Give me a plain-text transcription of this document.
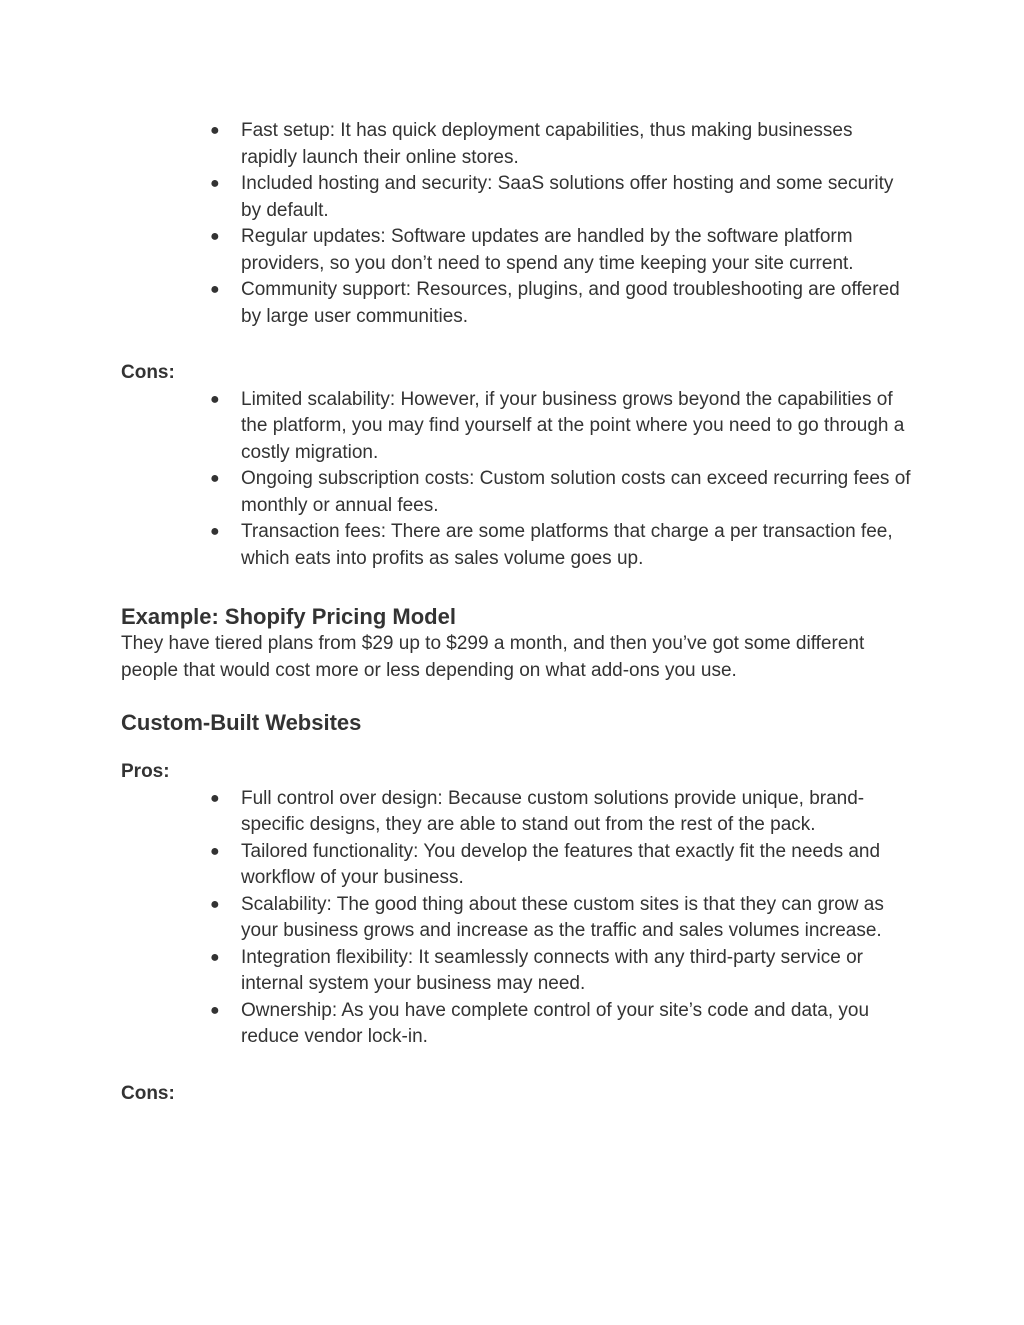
● Fast setup: It has quick deployment capabilities, thus making businesses rapidly launch their online stores.
● Included hosting and security: SaaS solutions offer hosting and some security by default.
● Regular updates: Software updates are handled by the software platform providers, so you don’t need to spend any time keeping your site current.
● Community support: Resources, plugins, and good troubleshooting are offered by large user communities.
Cons:
● Limited scalability: However, if your business grows beyond the capabilities of the platform, you may find yourself at the point where you need to go through a costly migration.
● Ongoing subscription costs: Custom solution costs can exceed recurring fees of monthly or annual fees.
● Transaction fees: There are some platforms that charge a per transaction fee, which eats into profits as sales volume goes up.
Example: Shopify Pricing Model
They have tiered plans from $29 up to $299 a month, and then you’ve got some different people that would cost more or less depending on what add-ons you use.
Custom-Built Websites
Pros:
● Full control over design: Because custom solutions provide unique, brand-specific designs, they are able to stand out from the rest of the pack.
● Tailored functionality: You develop the features that exactly fit the needs and workflow of your business.
● Scalability: The good thing about these custom sites is that they can grow as your business grows and increase as the traffic and sales volumes increase.
● Integration flexibility: It seamlessly connects with any third-party service or internal system your business may need.
● Ownership: As you have complete control of your site’s code and data, you reduce vendor lock-in.
Cons:
